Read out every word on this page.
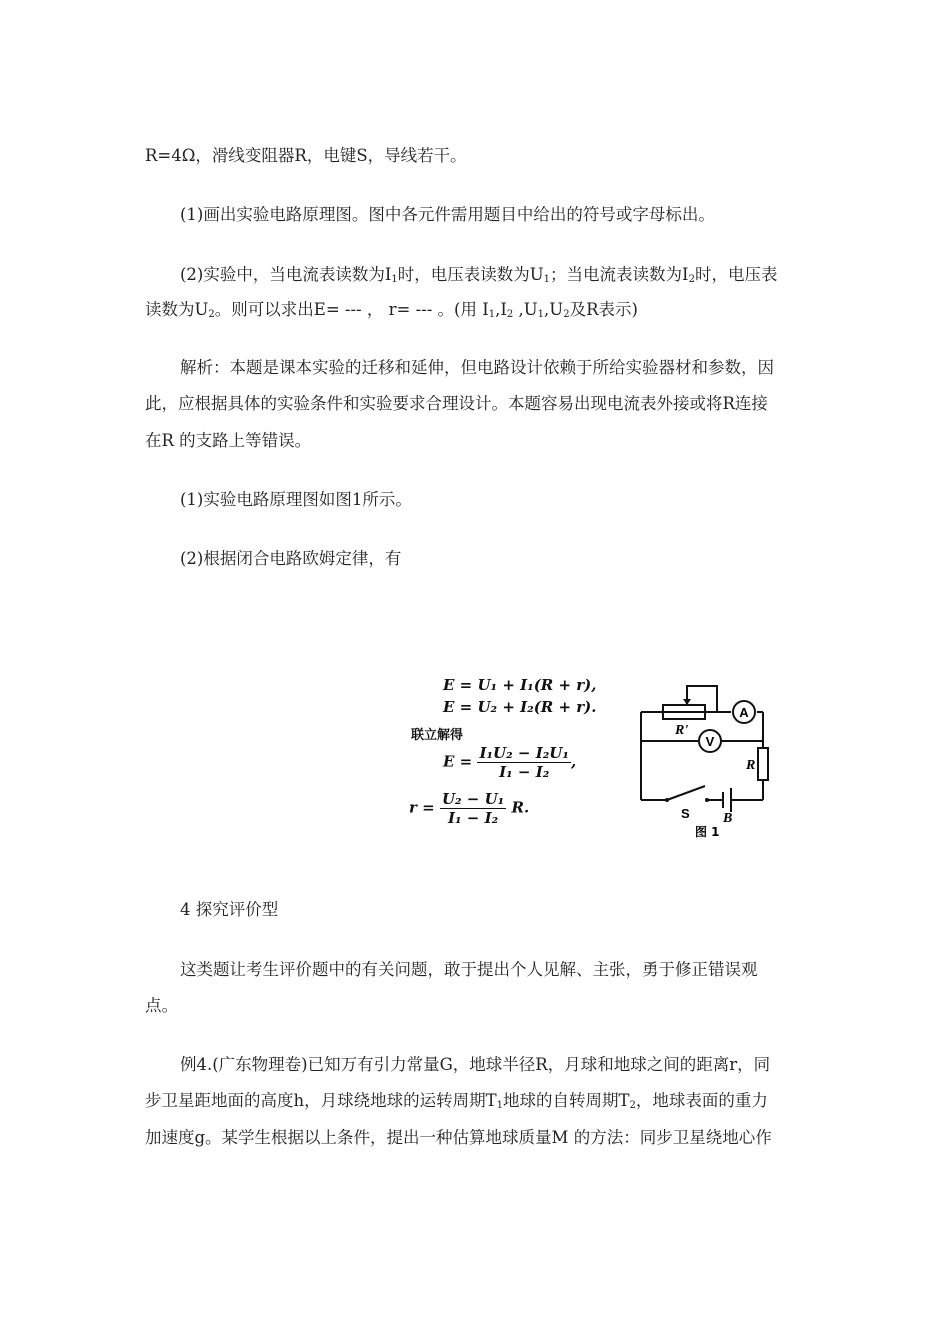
R=4Ω，滑线变阻器R，电键S，导线若干。
(1)画出实验电路原理图。图中各元件需用题目中给出的符号或字母标出。
(2)实验中，当电流表读数为$I_1$时，电压表读数为$U_1$；当电流表读数为$I_2$时，电压表
读数为$U_2$。则可以求出E= --- ， r= --- 。(用 $I_1,I_2$ $,U_1,U_2$及R表示)
解析：本题是课本实验的迁移和延伸，但电路设计依赖于所给实验器材和参数，因
此，应根据具体的实验条件和实验要求合理设计。本题容易出现电流表外接或将R连接
在R 的支路上等错误。
(1)实验电路原理图如图1所示。
(2)根据闭合电路欧姆定律，有
E = U₁ + I₁(R + r),
E = U₂ + I₂(R + r).
联立解得
$E = \frac{\text{I₁U₂ − I₂U₁}}{\text{I₁ − I₂}}$ ,
$r = \frac{\text{U₂ − U₁}}{\text{I₁ − I₂}} R$.
A
V
R'
R
S B
图 1
4 探究评价型
这类题让考生评价题中的有关问题，敢于提出个人见解、主张，勇于修正错误观
点。
例4.(广东物理卷)已知万有引力常量G，地球半径R，月球和地球之间的距离r，同
步卫星距地面的高度h，月球绕地球的运转周期$T_1$地球的自转周期$T_2$，地球表面的重力
加速度g。某学生根据以上条件，提出一种估算地球质量M 的方法：同步卫星绕地心作
